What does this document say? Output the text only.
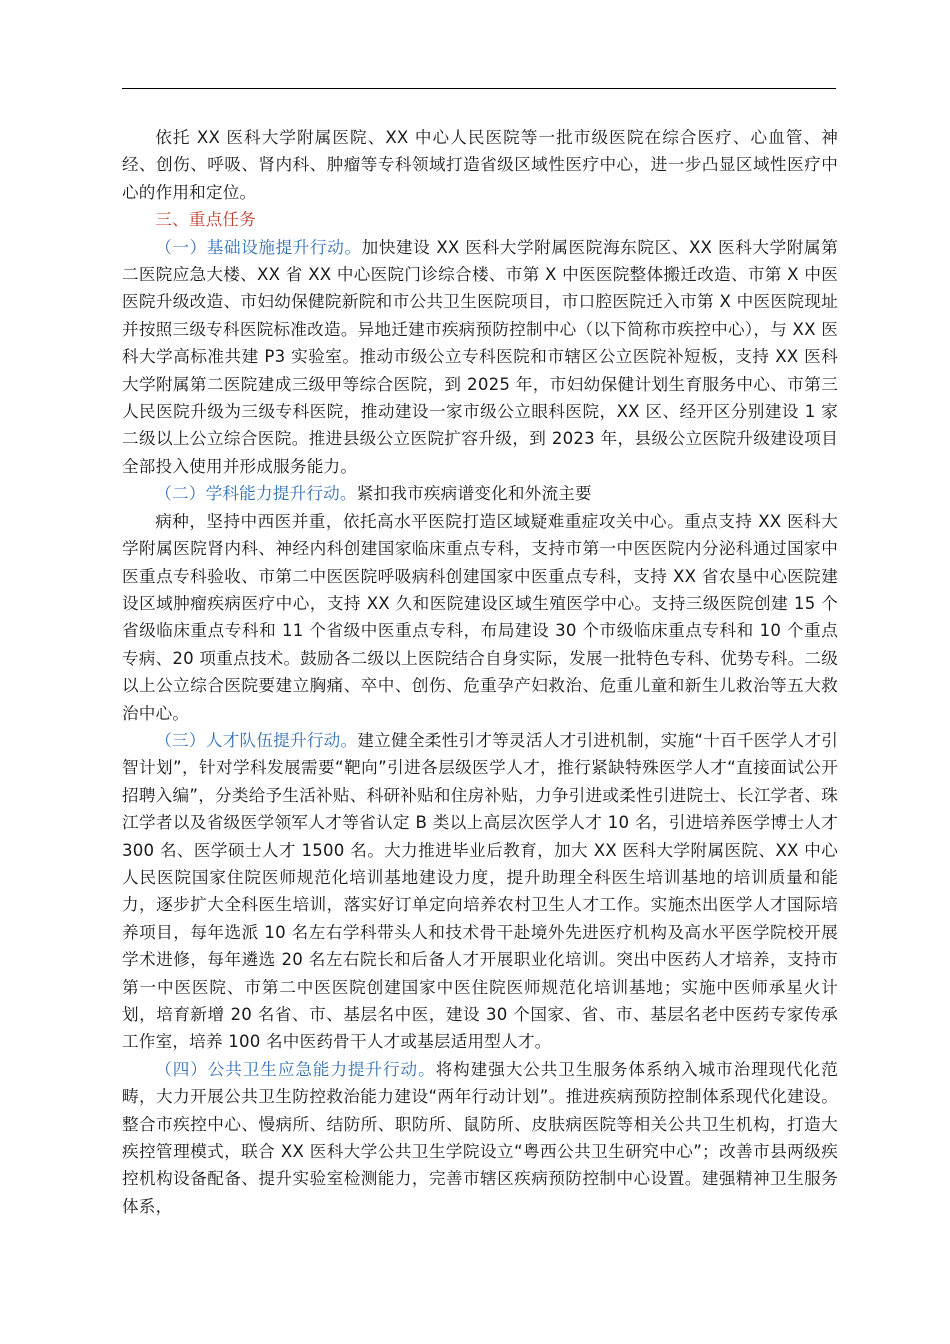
依托 XX 医科大学附属医院、XX 中心人民医院等一批市级医院在综合医疗、心血管、神经、创伤、呼吸、肾内科、肿瘤等专科领域打造省级区域性医疗中心，进一步凸显区域性医疗中心的作用和定位。

三、重点任务

（一）基础设施提升行动。加快建设 XX 医科大学附属医院海东院区、XX 医科大学附属第二医院应急大楼、XX 省 XX 中心医院门诊综合楼、市第 X 中医医院整体搬迁改造、市第 X 中医医院升级改造、市妇幼保健院新院和市公共卫生医院项目，市口腔医院迁入市第 X 中医医院现址并按照三级专科医院标准改造。异地迁建市疾病预防控制中心（以下简称市疾控中心），与 XX 医科大学高标准共建 P3 实验室。推动市级公立专科医院和市辖区公立医院补短板，支持 XX 医科大学附属第二医院建成三级甲等综合医院，到 2025 年，市妇幼保健计划生育服务中心、市第三人民医院升级为三级专科医院，推动建设一家市级公立眼科医院，XX 区、经开区分别建设 1 家二级以上公立综合医院。推进县级公立医院扩容升级，到 2023 年，县级公立医院升级建设项目全部投入使用并形成服务能力。

（二）学科能力提升行动。紧扣我市疾病谱变化和外流主要

病种，坚持中西医并重，依托高水平医院打造区域疑难重症攻关中心。重点支持 XX 医科大学附属医院肾内科、神经内科创建国家临床重点专科，支持市第一中医医院内分泌科通过国家中医重点专科验收、市第二中医医院呼吸病科创建国家中医重点专科，支持 XX 省农垦中心医院建设区域肿瘤疾病医疗中心，支持 XX 久和医院建设区域生殖医学中心。支持三级医院创建 15 个省级临床重点专科和 11 个省级中医重点专科，布局建设 30 个市级临床重点专科和 10 个重点专病、20 项重点技术。鼓励各二级以上医院结合自身实际，发展一批特色专科、优势专科。二级以上公立综合医院要建立胸痛、卒中、创伤、危重孕产妇救治、危重儿童和新生儿救治等五大救治中心。

（三）人才队伍提升行动。建立健全柔性引才等灵活人才引进机制，实施“十百千医学人才引智计划”，针对学科发展需要“靶向”引进各层级医学人才，推行紧缺特殊医学人才“直接面试公开招聘入编”，分类给予生活补贴、科研补贴和住房补贴，力争引进或柔性引进院士、长江学者、珠江学者以及省级医学领军人才等省认定 B 类以上高层次医学人才 10 名，引进培养医学博士人才 300 名、医学硕士人才 1500 名。大力推进毕业后教育，加大 XX 医科大学附属医院、XX 中心人民医院国家住院医师规范化培训基地建设力度，提升助理全科医生培训基地的培训质量和能力，逐步扩大全科医生培训，落实好订单定向培养农村卫生人才工作。实施杰出医学人才国际培养项目，每年选派 10 名左右学科带头人和技术骨干赴境外先进医疗机构及高水平医学院校开展学术进修，每年遴选 20 名左右院长和后备人才开展职业化培训。突出中医药人才培养，支持市第一中医医院、市第二中医医院创建国家中医住院医师规范化培训基地；实施中医师承星火计划，培育新增 20 名省、市、基层名中医，建设 30 个国家、省、市、基层名老中医药专家传承工作室，培养 100 名中医药骨干人才或基层适用型人才。

（四）公共卫生应急能力提升行动。将构建强大公共卫生服务体系纳入城市治理现代化范畴，大力开展公共卫生防控救治能力建设“两年行动计划”。推进疾病预防控制体系现代化建设。整合市疾控中心、慢病所、结防所、职防所、鼠防所、皮肤病医院等相关公共卫生机构，打造大疾控管理模式，联合 XX 医科大学公共卫生学院设立“粤西公共卫生研究中心”；改善市县两级疾控机构设备配备、提升实验室检测能力，完善市辖区疾病预防控制中心设置。建强精神卫生服务体系，
